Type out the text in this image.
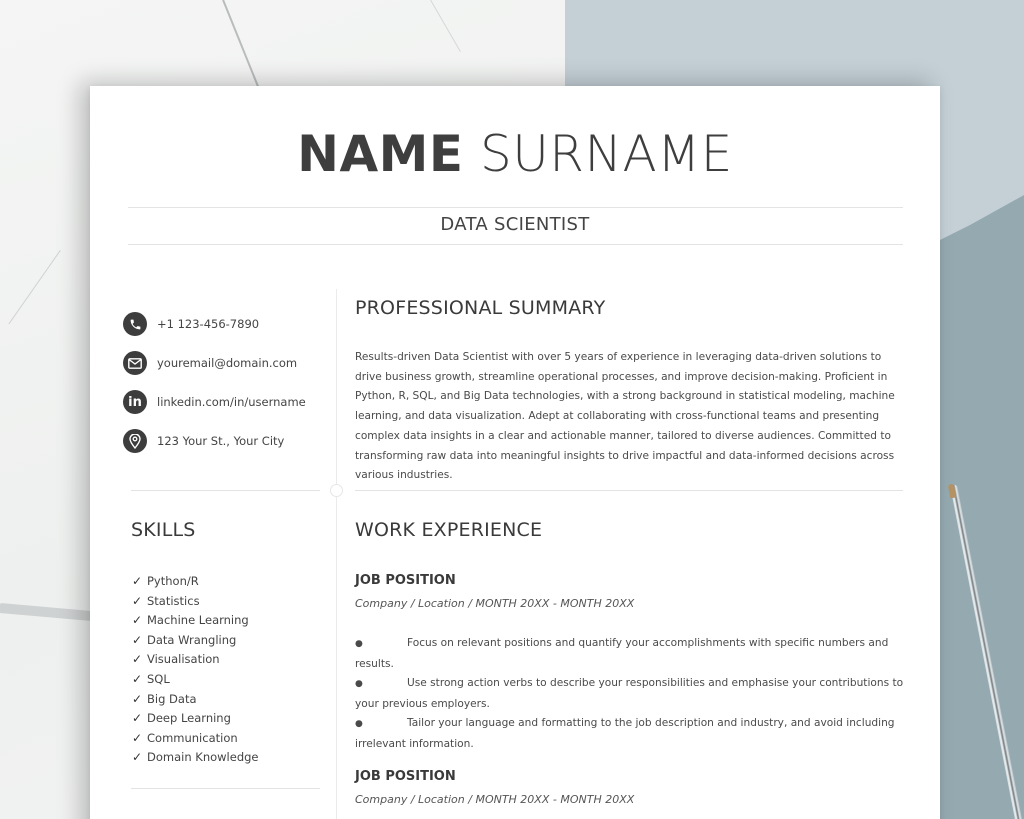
NAME SURNAME
DATA SCIENTIST
+1 123-456-7890
youremail@domain.com
in linkedin.com/in/username
123 Your St., Your City
SKILLS
✓ Python/R
✓ Statistics
✓ Machine Learning
✓ Data Wrangling
✓ Visualisation
✓ SQL
✓ Big Data
✓ Deep Learning
✓ Communication
✓ Domain Knowledge
PROFESSIONAL SUMMARY

Results-driven Data Scientist with over 5 years of experience in leveraging data-driven solutions to drive business growth, streamline operational processes, and improve decision-making. Proficient in Python, R, SQL, and Big Data technologies, with a strong background in statistical modeling, machine learning, and data visualization. Adept at collaborating with cross-functional teams and presenting complex data insights in a clear and actionable manner, tailored to diverse audiences. Committed to transforming raw data into meaningful insights to drive impactful and data-informed decisions across various industries.

WORK EXPERIENCE
JOB POSITION
Company / Location / MONTH 20XX - MONTH 20XX
●	Focus on relevant positions and quantify your accomplishments with specific numbers and results.
●	Use strong action verbs to describe your responsibilities and emphasise your contributions to your previous employers.
●	Tailor your language and formatting to the job description and industry, and avoid including irrelevant information.
JOB POSITION
Company / Location / MONTH 20XX - MONTH 20XX
